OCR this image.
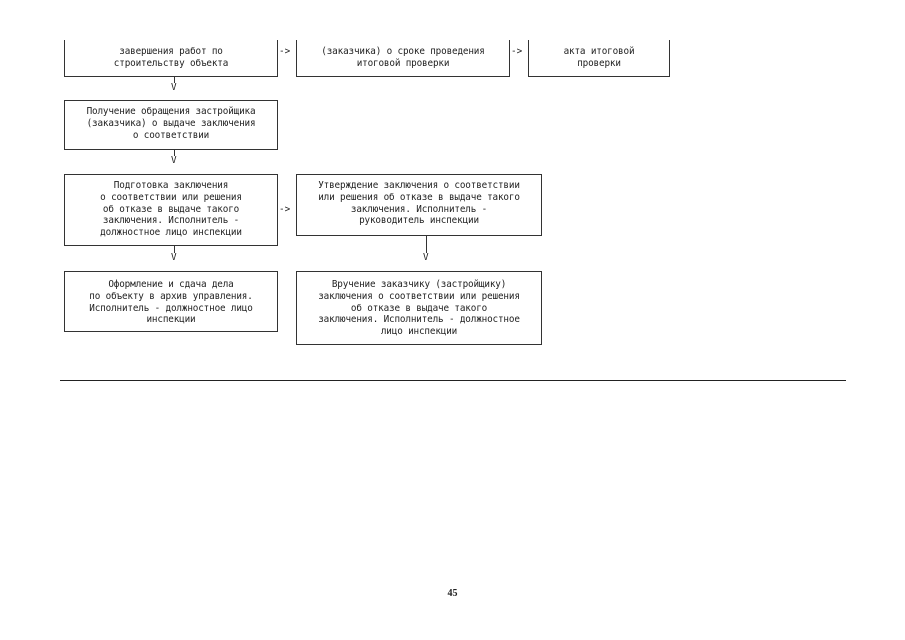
завершения работ по
строительству объекта
->	(заказчика) о сроке проведения
итоговой проверки
->	акта итоговой
проверки
V
Получение обращения застройщика
(заказчика) о выдаче заключения
о соответствии
V
Подготовка заключения
о соответствии или решения
об отказе в выдаче такого
заключения. Исполнитель -
должностное лицо инспекции
->
Утверждение заключения о соответствии
или решения об отказе в выдаче такого
заключения. Исполнитель -
руководитель инспекции
V	V
Оформление и сдача дела
по объекту в архив управления.
Исполнитель - должностное лицо
инспекции
Вручение заказчику (застройщику)
заключения о соответствии или решения
об отказе в выдаче такого
заключения. Исполнитель - должностное
лицо инспекции
45
